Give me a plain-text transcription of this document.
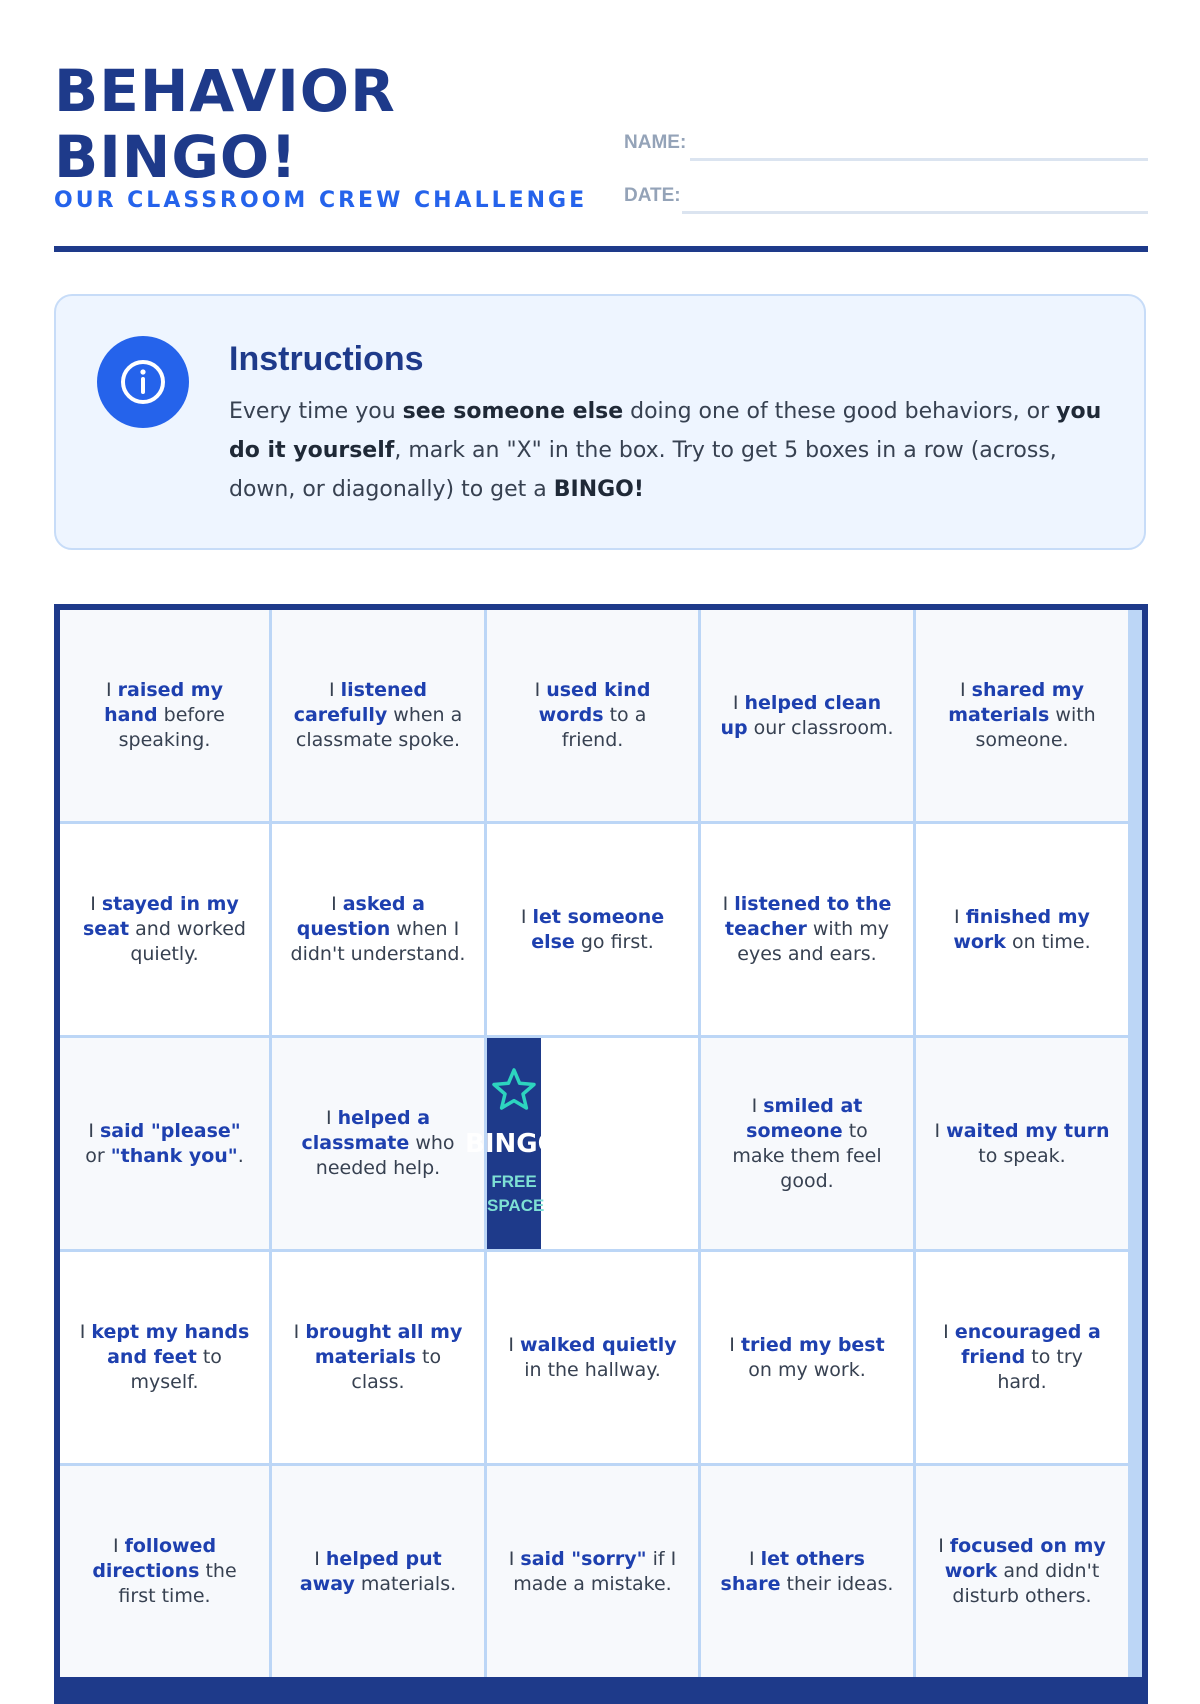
BEHAVIOR
BINGO!
OUR CLASSROOM CREW CHALLENGE
NAME:
DATE:
Instructions
Every time you see someone else doing one of these good behaviors, or you do it yourself, mark an "X" in the box. Try to get 5 boxes in a row (across, down, or diagonally) to get a BINGO!
I raised my hand before speaking.
I listened carefully when a classmate spoke.
I used kind words to a friend.
I helped clean up our classroom.
I shared my materials with someone.
I stayed in my seat and worked quietly.
I asked a question when I didn't understand.
I let someone else go first.
I listened to the teacher with my eyes and ears.
I finished my work on time.
I said "please" or "thank you".
I helped a classmate who needed help.
BINGO
FREE
SPACE
I smiled at someone to make them feel good.
I waited my turn to speak.
I kept my hands and feet to myself.
I brought all my materials to class.
I walked quietly in the hallway.
I tried my best on my work.
I encouraged a friend to try hard.
I followed directions the first time.
I helped put away materials.
I said "sorry" if I made a mistake.
I let others share their ideas.
I focused on my work and didn't disturb others.
